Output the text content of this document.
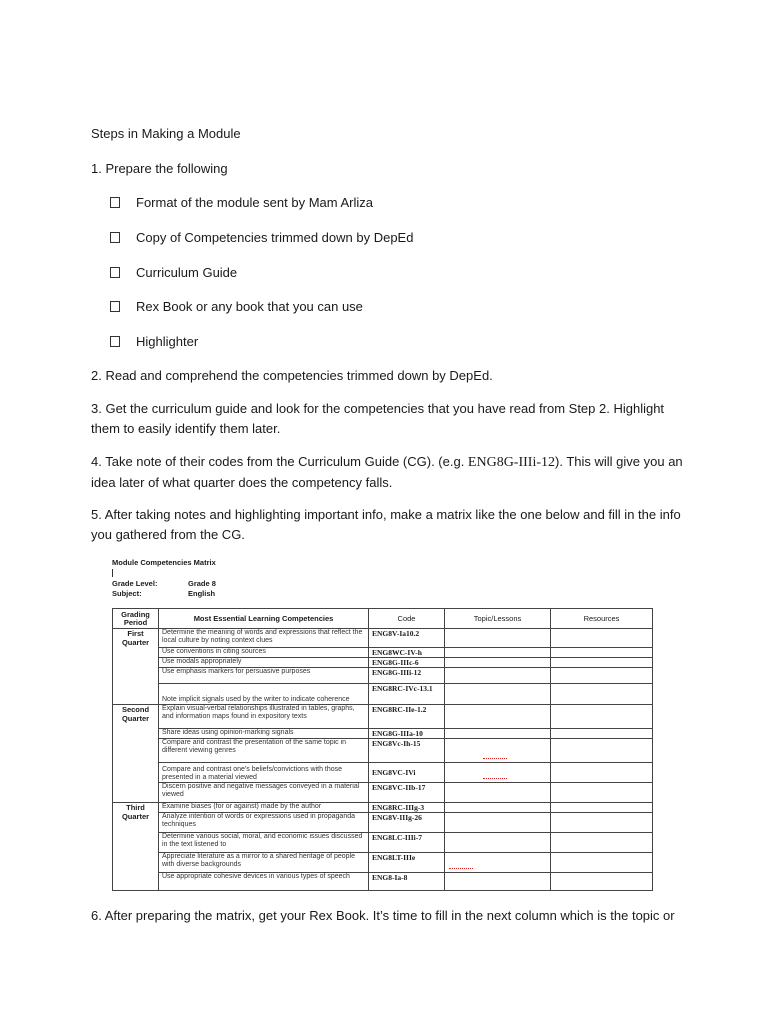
Steps in Making a Module
1. Prepare the following
Format of the module sent by Mam Arliza
Copy of Competencies trimmed down by DepEd
Curriculum Guide
Rex Book or any book that you can use
Highlighter
2. Read and comprehend the competencies trimmed down by DepEd.
3. Get the curriculum guide and look for the competencies that you have read from Step 2. Highlight them to easily identify them later.
4. Take note of their codes from the Curriculum Guide (CG). (e.g. ENG8G-IIIi-12). This will give you an idea later of what quarter does the competency falls.
5. After taking notes and highlighting important info, make a matrix like the one below and fill in the info you gathered from the CG.
Module Competencies Matrix
Grade Level:	Grade 8
Subject:	English
Grading Period	Most Essential Learning Competencies	Code	Topic/Lessons	Resources
First Quarter	Determine the meaning of words and expressions that reflect the local culture by noting context clues	ENG8V-Ia10.2		
	Use conventions in citing sources	ENG8WC-IV-h		
	Use modals appropriately	ENG8G-IIIc-6		
	Use emphasis markers for persuasive purposes	ENG8G-IIIi-12		
	Note implicit signals used by the writer to indicate coherence	ENG8RC-IVc-13.1		
Second Quarter	Explain visual-verbal relationships illustrated in tables, graphs, and information maps found in expository texts	ENG8RC-IIe-1.2		
	Share ideas using opinion-marking signals	ENG8G-IIIa-10		
	Compare and contrast the presentation of the same topic in different viewing genres	ENG8Vc-Ih-15	

	Compare and contrast one’s beliefs/convictions with those presented in a material viewed	ENG8VC-IVi	

	Discern positive and negative messages conveyed in a material viewed	ENG8VC-IIb-17		
Third Quarter	Examine biases (for or against) made by the author	ENG8RC-IIIg-3		
	Analyze intention of words or expressions used in propaganda techniques	ENG8V-IIIg-26		
	Determine various social, moral, and economic issues discussed in the text listened to	ENG8LC-IIIi-7		
	Appreciate literature as a mirror to a shared heritage of people with diverse backgrounds	ENG8LT-IIIe	

	Use appropriate cohesive devices in various types of speech	ENG8-Ia-8		
6. After preparing the matrix, get your Rex Book. It’s time to fill in the next column which is the topic or
